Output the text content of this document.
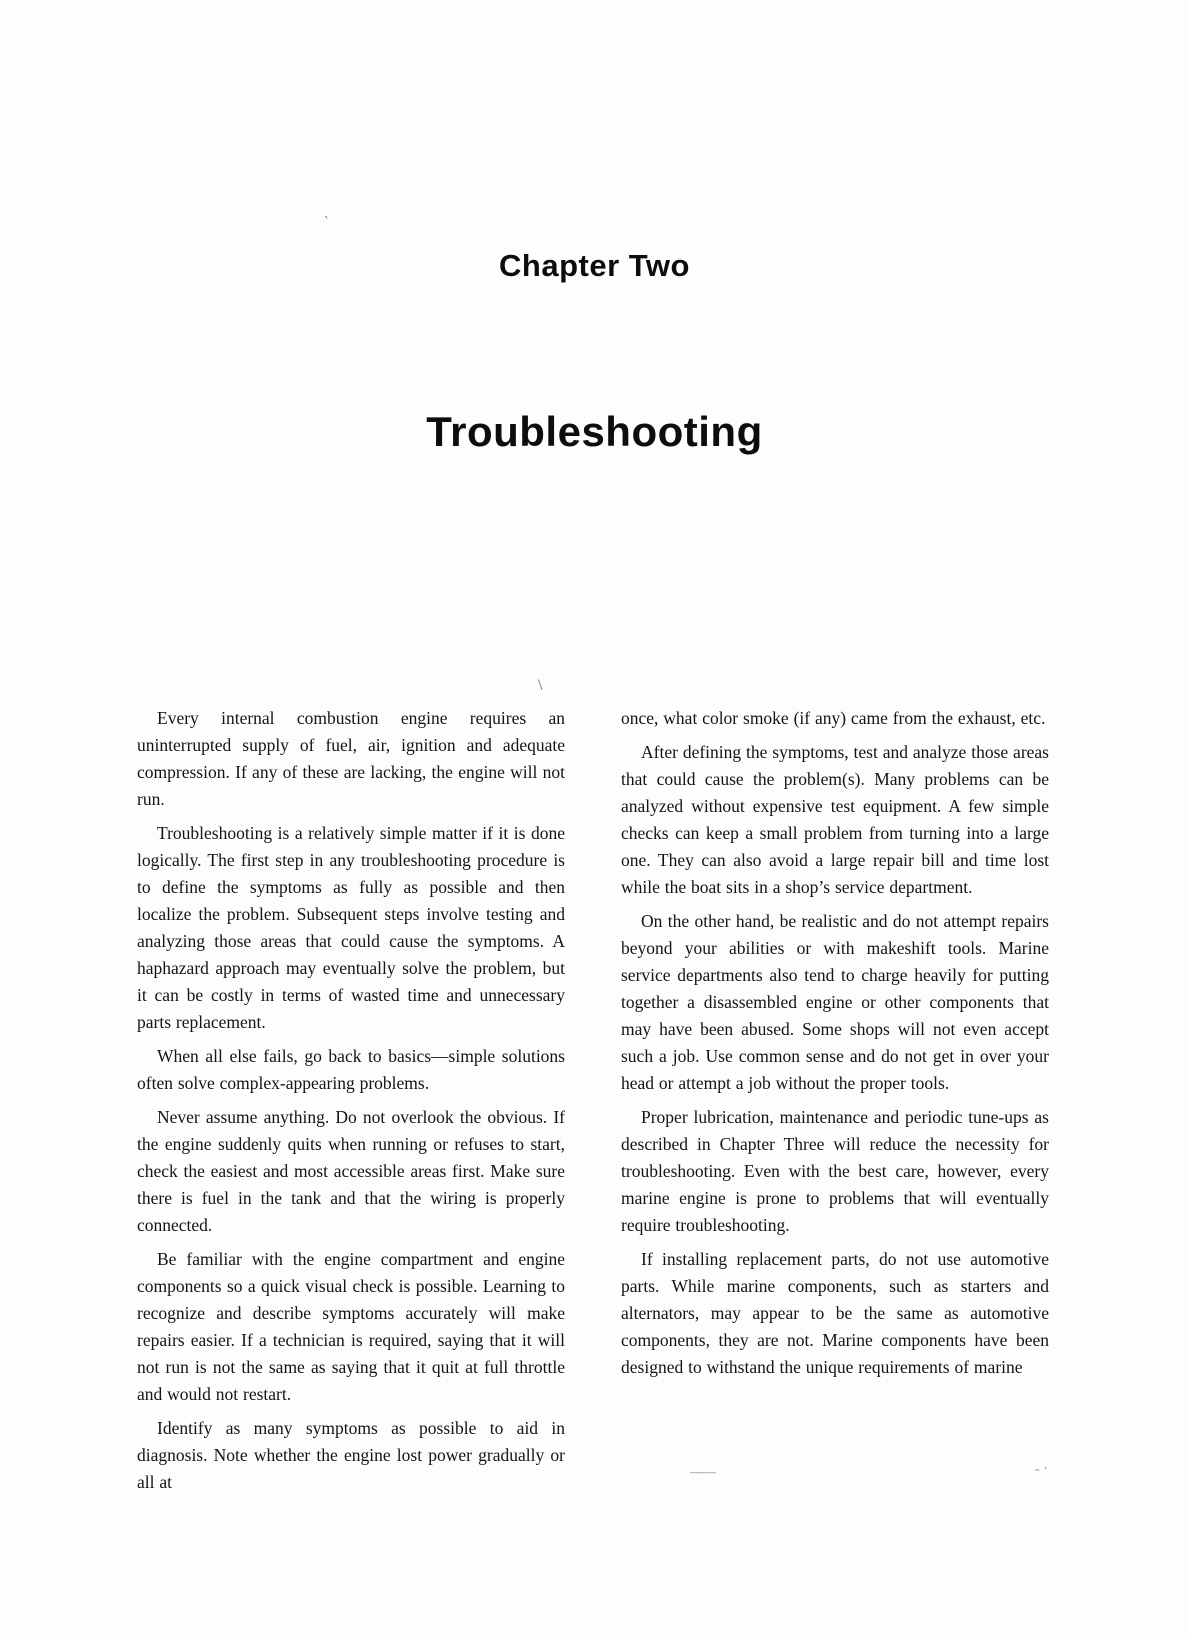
Chapter Two
Troubleshooting

Every internal combustion engine requires an uninterrupted supply of fuel, air, ignition and adequate compression. If any of these are lacking, the engine will not run.

Troubleshooting is a relatively simple matter if it is done logically. The first step in any troubleshooting procedure is to define the symptoms as fully as possible and then localize the problem. Subsequent steps involve testing and analyzing those areas that could cause the symptoms. A haphazard approach may eventually solve the problem, but it can be costly in terms of wasted time and unnecessary parts replacement.

When all else fails, go back to basics—simple solutions often solve complex-appearing problems.

Never assume anything. Do not overlook the obvious. If the engine suddenly quits when running or refuses to start, check the easiest and most accessible areas first. Make sure there is fuel in the tank and that the wiring is properly connected.

Be familiar with the engine compartment and engine components so a quick visual check is possible. Learning to recognize and describe symptoms accurately will make repairs easier. If a technician is required, saying that it will not run is not the same as saying that it quit at full throttle and would not restart.

Identify as many symptoms as possible to aid in diagnosis. Note whether the engine lost power gradually or all at

once, what color smoke (if any) came from the exhaust, etc.

After defining the symptoms, test and analyze those areas that could cause the problem(s). Many problems can be analyzed without expensive test equipment. A few simple checks can keep a small problem from turning into a large one. They can also avoid a large repair bill and time lost while the boat sits in a shop’s service department.

On the other hand, be realistic and do not attempt repairs beyond your abilities or with makeshift tools. Marine service departments also tend to charge heavily for putting together a disassembled engine or other components that may have been abused. Some shops will not even accept such a job. Use common sense and do not get in over your head or attempt a job without the proper tools.

Proper lubrication, maintenance and periodic tune-ups as described in Chapter Three will reduce the necessity for troubleshooting. Even with the best care, however, every marine engine is prone to problems that will eventually require troubleshooting.

If installing replacement parts, do not use automotive parts. While marine components, such as starters and alternators, may appear to be the same as automotive components, they are not. Marine components have been designed to withstand the unique requirements of marine

`
\
——	- ·
